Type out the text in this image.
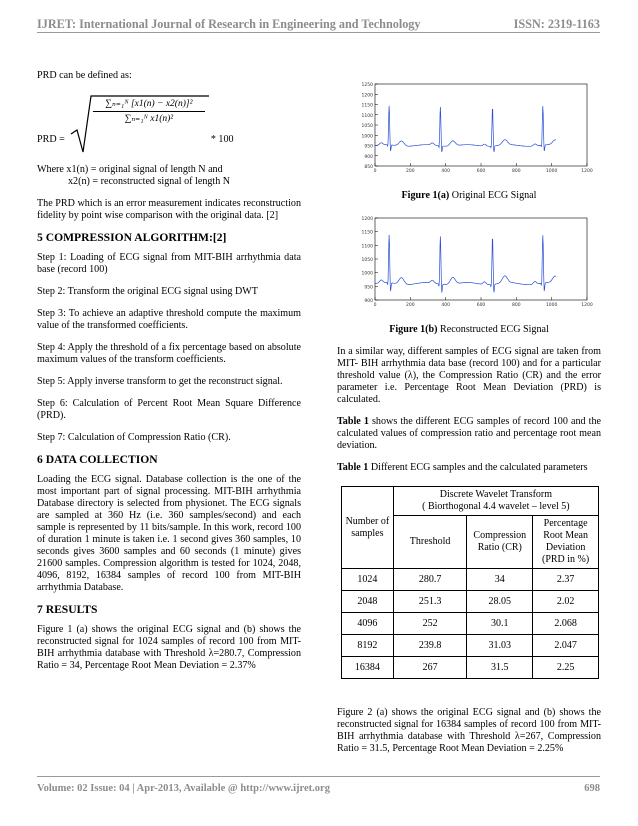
IJRET: International Journal of Research in Engineering and Technology	ISSN: 2319-1163
PRD can be defined as:
PRD =
$\frac{\text{∑ₙ₌₁ᴺ [x1(n) − x2(n)]²}}{\text{∑ₙ₌₁ᴺ x1(n)²}}$
* 100
Where x1(n) = original signal of length N and
x2(n) = reconstructed signal of length N
The PRD which is an error measurement indicates reconstruction fidelity by point wise comparison with the original data. [2]
5 COMPRESSION ALGORITHM:[2]
Step 1: Loading of ECG signal from MIT-BIH arrhythmia data base (record 100)
Step 2: Transform the original ECG signal using DWT
Step 3: To achieve an adaptive threshold compute the maximum value of the transformed coefficients.
Step 4: Apply the threshold of a fix percentage based on absolute maximum values of the transform coefficients.
Step 5: Apply inverse transform to get the reconstruct signal.
Step 6: Calculation of Percent Root Mean Square Difference (PRD).
Step 7: Calculation of Compression Ratio (CR).
6 DATA COLLECTION
Loading the ECG signal. Database collection is the one of the most important part of signal processing. MIT-BIH arrhythmia Database directory is selected from physionet. The ECG signals are sampled at 360 Hz (i.e. 360 samples/second) and each sample is represented by 11 bits/sample. In this work, record 100 of duration 1 minute is taken i.e. 1 second gives 360 samples, 10 seconds gives 3600 samples and 60 seconds (1 minute) gives 21600 samples. Compression algorithm is tested for 1024, 2048, 4096, 8192, 16384 samples of record 100 from MIT-BIH arrhythmia Database.
7 RESULTS
Figure 1 (a) shows the original ECG signal and (b) shows the reconstructed signal for 1024 samples of record 100 from MIT-BIH arrhythmia database with Threshold λ=280.7, Compression Ratio = 34, Percentage Root Mean Deviation = 2.37%
850
900
950
1000
1050
1100
1150
1200
1250
0	200	400	600	800	1000	1200
Figure 1(a) Original ECG Signal
900
950
1000
1050
1100
1150
1200
0	200	400	600	800	1000	1200
Figure 1(b) Reconstructed ECG Signal
In a similar way, different samples of ECG signal are taken from MIT- BIH arrhythmia data base (record 100) and for a particular threshold value (λ), the Compression Ratio (CR) and the error parameter i.e. Percentage Root Mean Deviation (PRD) is calculated.
Table 1 shows the different ECG samples of record 100 and the calculated values of compression ratio and percentage root mean deviation.
Table 1 Different ECG samples and the calculated parameters
Number of samples	Discrete Wavelet Transform
( Biorthogonal 4.4 wavelet – level 5)		

	Threshold	Compression Ratio (CR)	Percentage Root Mean Deviation (PRD in %)

1024	280.7	34	2.37
2048	251.3	28.05	2.02
4096	252	30.1	2.068
8192	239.8	31.03	2.047
16384	267	31.5	2.25
Figure 2 (a) shows the original ECG signal and (b) shows the reconstructed signal for 16384 samples of record 100 from MIT-BIH arrhythmia database with Threshold λ=267, Compression Ratio = 31.5, Percentage Root Mean Deviation = 2.25%
Volume: 02 Issue: 04 | Apr-2013, Available @ http://www.ijret.org	698
